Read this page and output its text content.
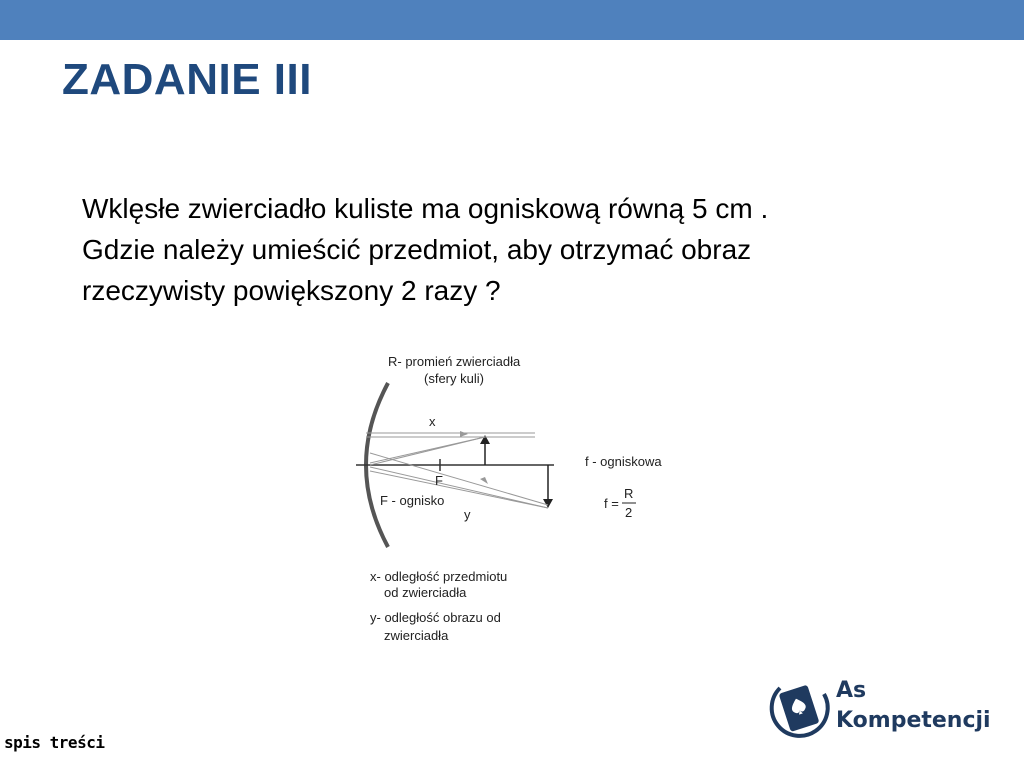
ZADANIE III
Wklęsłe zwierciadło kuliste ma ogniskową równą 5 cm .
Gdzie należy umieścić przedmiot, aby otrzymać obraz
rzeczywisty powiększony 2 razy ?
R- promień zwierciadła
(sfery kuli)
x
F
F - ognisko
y
f - ogniskowa
f =
R
2
x- odległość przedmiotu
od zwierciadła
y- odległość obrazu od
zwierciadła
spis treści
As
Kompetencji
